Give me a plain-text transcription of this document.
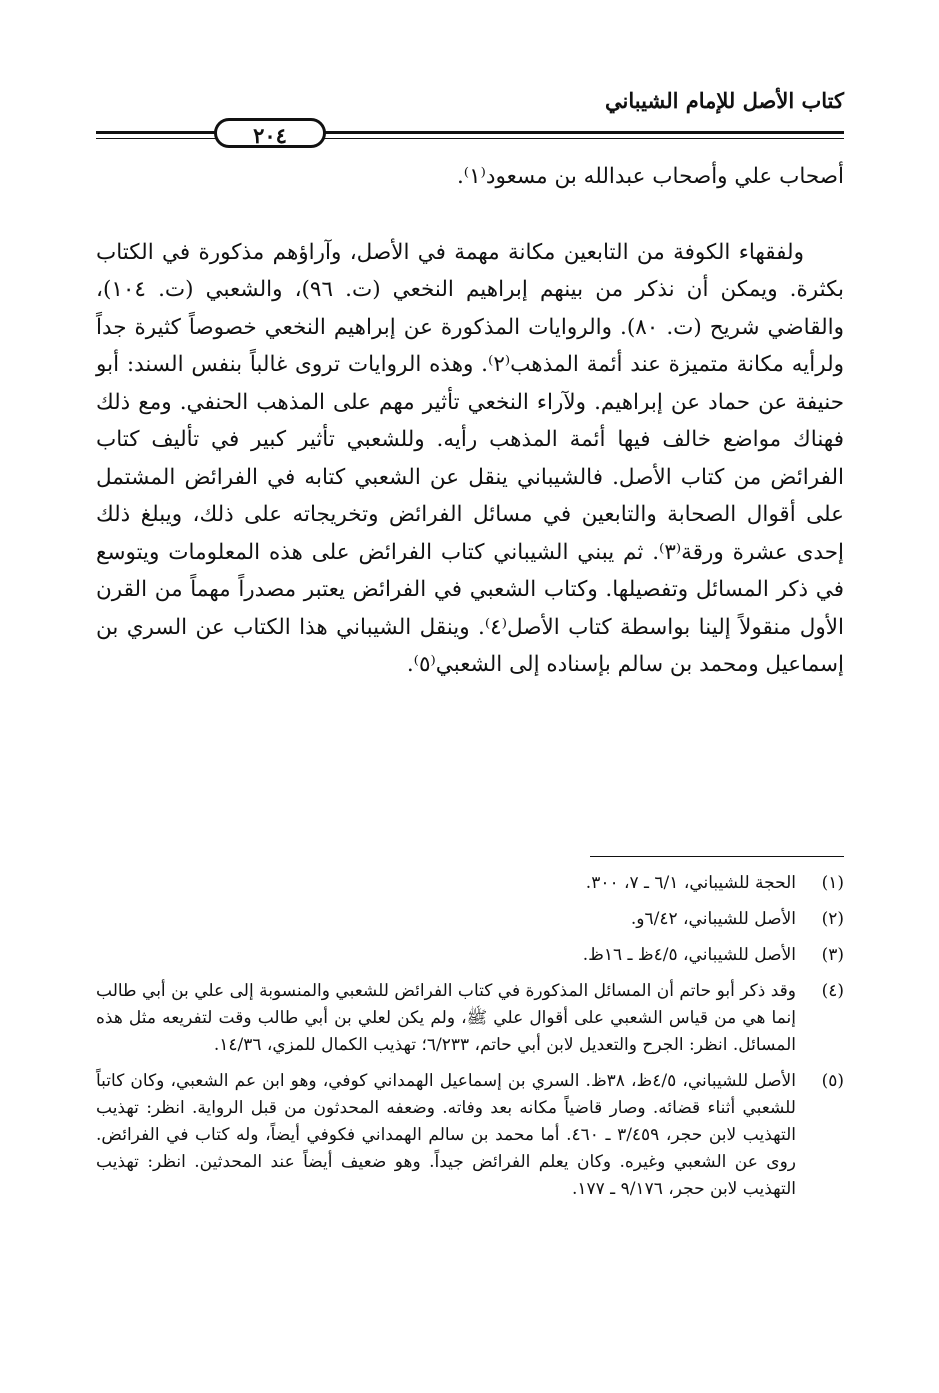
كتاب الأصل للإمام الشيباني
٢٠٤

أصحاب علي وأصحاب عبدالله بن مسعود⁽١⁾.

ولفقهاء الكوفة من التابعين مكانة مهمة في الأصل، وآراؤهم مذكورة في الكتاب بكثرة. ويمكن أن نذكر من بينهم إبراهيم النخعي (ت. ٩٦)، والشعبي (ت. ١٠٤)، والقاضي شريح (ت. ٨٠). والروايات المذكورة عن إبراهيم النخعي خصوصاً كثيرة جداً ولرأيه مكانة متميزة عند أئمة المذهب⁽٢⁾. وهذه الروايات تروى غالباً بنفس السند: أبو حنيفة عن حماد عن إبراهيم. ولآراء النخعي تأثير مهم على المذهب الحنفي. ومع ذلك فهناك مواضع خالف فيها أئمة المذهب رأيه. وللشعبي تأثير كبير في تأليف كتاب الفرائض من كتاب الأصل. فالشيباني ينقل عن الشعبي كتابه في الفرائض المشتمل على أقوال الصحابة والتابعين في مسائل الفرائض وتخريجاته على ذلك، ويبلغ ذلك إحدى عشرة ورقة⁽٣⁾. ثم يبني الشيباني كتاب الفرائض على هذه المعلومات ويتوسع في ذكر المسائل وتفصيلها. وكتاب الشعبي في الفرائض يعتبر مصدراً مهماً من القرن الأول منقولاً إلينا بواسطة كتاب الأصل⁽٤⁾. وينقل الشيباني هذا الكتاب عن السري بن إسماعيل ومحمد بن سالم بإسناده إلى الشعبي⁽٥⁾.

(١)
الحجة للشيباني، ٦/١ ـ ٧، ٣٠٠.
(٢)
الأصل للشيباني، ٦/٤٢و.
(٣)
الأصل للشيباني، ٤/٥ظ ـ ١٦ظ.
(٤)
وقد ذكر أبو حاتم أن المسائل المذكورة في كتاب الفرائض للشعبي والمنسوبة إلى علي بن أبي طالب إنما هي من قياس الشعبي على أقوال علي ﷺ، ولم يكن لعلي بن أبي طالب وقت لتفريعه مثل هذه المسائل. انظر: الجرح والتعديل لابن أبي حاتم، ٦/٢٣٣؛ تهذيب الكمال للمزي، ١٤/٣٦.
(٥)
الأصل للشيباني، ٤/٥ظ، ٣٨ظ. السري بن إسماعيل الهمداني كوفي، وهو ابن عم الشعبي، وكان كاتباً للشعبي أثناء قضائه. وصار قاضياً مكانه بعد وفاته. وضعفه المحدثون من قبل الرواية. انظر: تهذيب التهذيب لابن حجر، ٣/٤٥٩ ـ ٤٦٠. أما محمد بن سالم الهمداني فكوفي أيضاً، وله كتاب في الفرائض. روى عن الشعبي وغيره. وكان يعلم الفرائض جيداً. وهو ضعيف أيضاً عند المحدثين. انظر: تهذيب التهذيب لابن حجر، ٩/١٧٦ ـ ١٧٧.
